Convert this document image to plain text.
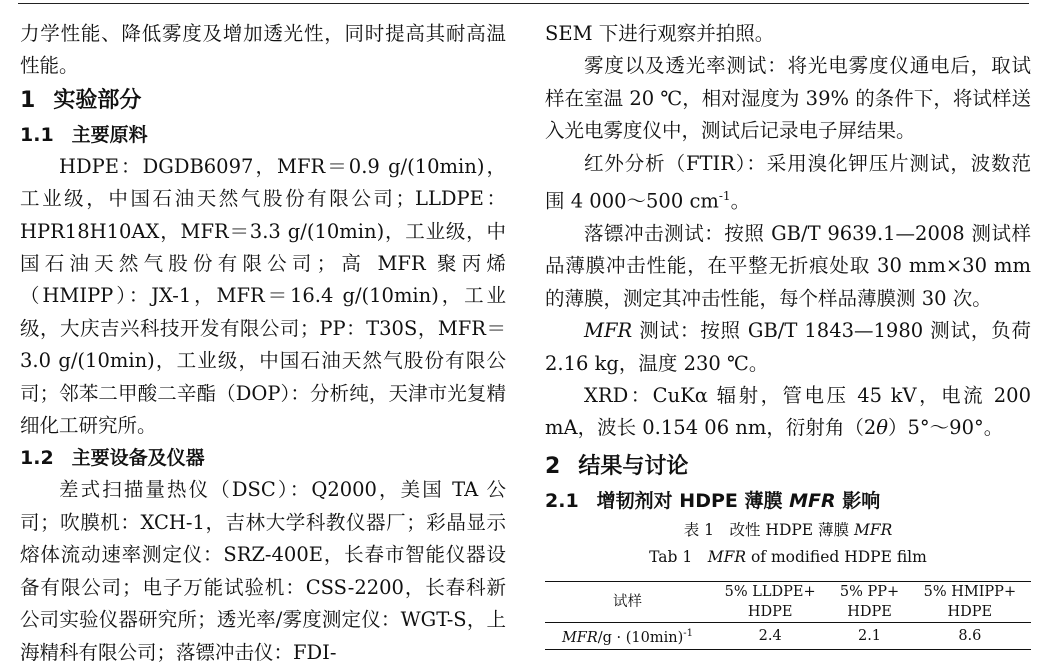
力学性能、降低雾度及增加透光性，同时提高其耐高温性能。

1 实验部分
1.1 主要原料

HDPE：DGDB6097，MFR＝0.9 g/(10min)，工业级，中国石油天然气股份有限公司；LLDPE：HPR18H10AX，MFR＝3.3 g/(10min)，工业级，中国石油天然气股份有限公司；高 MFR 聚丙烯（HMIPP）：JX-1，MFR＝16.4 g/(10min)，工业级，大庆吉兴科技开发有限公司；PP：T30S，MFR＝3.0 g/(10min)，工业级，中国石油天然气股份有限公司；邻苯二甲酸二辛酯（DOP）：分析纯，天津市光复精细化工研究所。

1.2 主要设备及仪器

差式扫描量热仪（DSC）：Q2000，美国 TA 公司；吹膜机：XCH-1，吉林大学科教仪器厂；彩晶显示熔体流动速率测定仪：SRZ-400E，长春市智能仪器设备有限公司；电子万能试验机：CSS-2200，长春科新公司实验仪器研究所；透光率/雾度测定仪：WGT-S，上海精科有限公司；落镖冲击仪：FDI-

SEM 下进行观察并拍照。

雾度以及透光率测试：将光电雾度仪通电后，取试样在室温 20 ℃，相对湿度为 39% 的条件下，将试样送入光电雾度仪中，测试后记录电子屏结果。

红外分析（FTIR）：采用溴化钾压片测试，波数范围 4 000～500 $cm^{-1}$。

落镖冲击测试：按照 GB/T 9639.1—2008 测试样品薄膜冲击性能，在平整无折痕处取 30 mm×30 mm 的薄膜，测定其冲击性能，每个样品薄膜测 30 次。

MFR 测试：按照 GB/T 1843—1980 测试，负荷 2.16 kg，温度 230 ℃。

XRD：CuKα 辐射，管电压 45 kV，电流 200 mA，波长 0.154 06 nm，衍射角（2θ）5°～90°。

2 结果与讨论
2.1 增韧剂对 HDPE 薄膜 MFR 影响

表 1　改性 HDPE 薄膜 MFR

Tab 1　MFR of modified HDPE film

试样	5% LLDPE+	5% PP+	5% HMIPP+
	HDPE	HDPE	HDPE
$MFR/g \cdot (10\min)^{-1}$	2.4	2.1	8.6
